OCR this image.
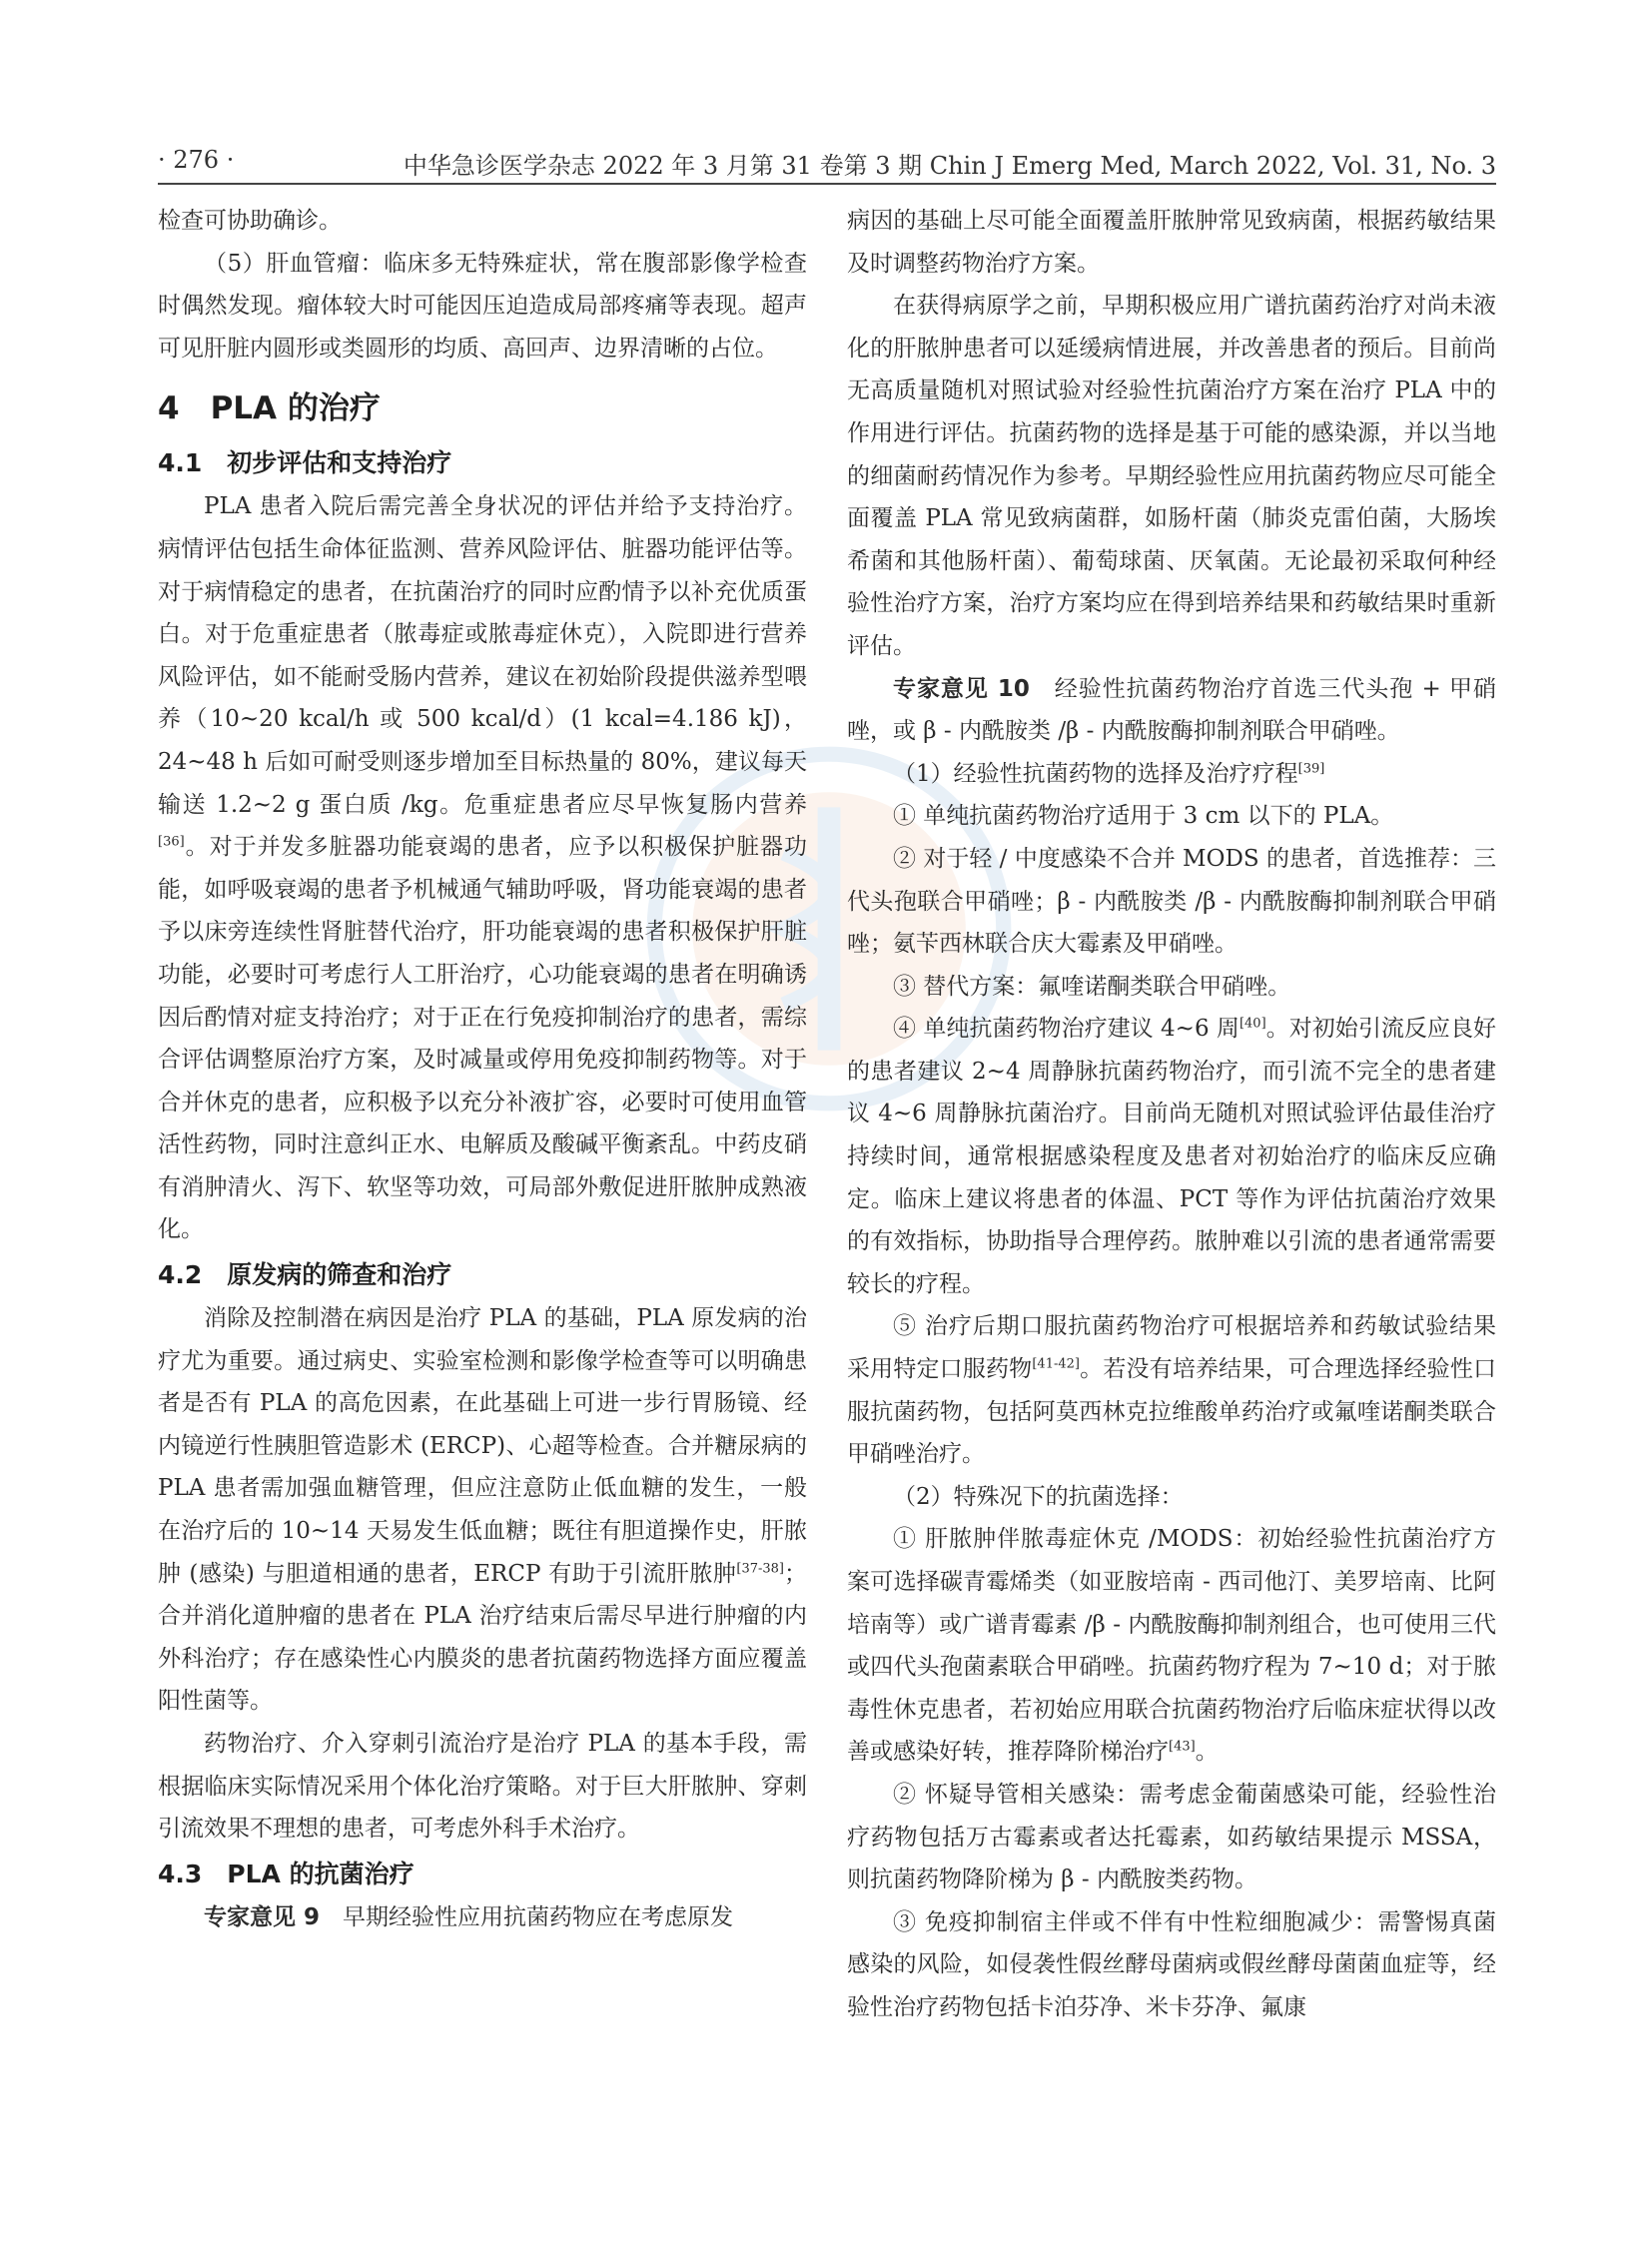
· 276 ·	中华急诊医学杂志 2022 年 3 月第 31 卷第 3 期 Chin J Emerg Med, March 2022, Vol. 31, No. 3

检查可协助确诊。

（5）肝血管瘤：临床多无特殊症状，常在腹部影像学检查时偶然发现。瘤体较大时可能因压迫造成局部疼痛等表现。超声可见肝脏内圆形或类圆形的均质、高回声、边界清晰的占位。

4　PLA 的治疗
4.1　初步评估和支持治疗

PLA 患者入院后需完善全身状况的评估并给予支持治疗。病情评估包括生命体征监测、营养风险评估、脏器功能评估等。对于病情稳定的患者，在抗菌治疗的同时应酌情予以补充优质蛋白。对于危重症患者（脓毒症或脓毒症休克），入院即进行营养风险评估，如不能耐受肠内营养，建议在初始阶段提供滋养型喂养（10~20 kcal/h 或 500 kcal/d）(1 kcal=4.186 kJ)，24~48 h 后如可耐受则逐步增加至目标热量的 80%，建议每天输送 1.2~2 g 蛋白质 /kg。危重症患者应尽早恢复肠内营养[36]。对于并发多脏器功能衰竭的患者，应予以积极保护脏器功能，如呼吸衰竭的患者予机械通气辅助呼吸，肾功能衰竭的患者予以床旁连续性肾脏替代治疗，肝功能衰竭的患者积极保护肝脏功能，必要时可考虑行人工肝治疗，心功能衰竭的患者在明确诱因后酌情对症支持治疗；对于正在行免疫抑制治疗的患者，需综合评估调整原治疗方案，及时减量或停用免疫抑制药物等。对于合并休克的患者，应积极予以充分补液扩容，必要时可使用血管活性药物，同时注意纠正水、电解质及酸碱平衡紊乱。中药皮硝有消肿清火、泻下、软坚等功效，可局部外敷促进肝脓肿成熟液化。

4.2　原发病的筛查和治疗

消除及控制潜在病因是治疗 PLA 的基础，PLA 原发病的治疗尤为重要。通过病史、实验室检测和影像学检查等可以明确患者是否有 PLA 的高危因素，在此基础上可进一步行胃肠镜、经内镜逆行性胰胆管造影术 (ERCP)、心超等检查。合并糖尿病的 PLA 患者需加强血糖管理，但应注意防止低血糖的发生，一般在治疗后的 10~14 天易发生低血糖；既往有胆道操作史，肝脓肿 (感染) 与胆道相通的患者，ERCP 有助于引流肝脓肿[37-38]；合并消化道肿瘤的患者在 PLA 治疗结束后需尽早进行肿瘤的内外科治疗；存在感染性心内膜炎的患者抗菌药物选择方面应覆盖阳性菌等。

药物治疗、介入穿刺引流治疗是治疗 PLA 的基本手段，需根据临床实际情况采用个体化治疗策略。对于巨大肝脓肿、穿刺引流效果不理想的患者，可考虑外科手术治疗。

4.3　PLA 的抗菌治疗

专家意见 9　早期经验性应用抗菌药物应在考虑原发

病因的基础上尽可能全面覆盖肝脓肿常见致病菌，根据药敏结果及时调整药物治疗方案。

在获得病原学之前，早期积极应用广谱抗菌药治疗对尚未液化的肝脓肿患者可以延缓病情进展，并改善患者的预后。目前尚无高质量随机对照试验对经验性抗菌治疗方案在治疗 PLA 中的作用进行评估。抗菌药物的选择是基于可能的感染源，并以当地的细菌耐药情况作为参考。早期经验性应用抗菌药物应尽可能全面覆盖 PLA 常见致病菌群，如肠杆菌（肺炎克雷伯菌，大肠埃希菌和其他肠杆菌）、葡萄球菌、厌氧菌。无论最初采取何种经验性治疗方案，治疗方案均应在得到培养结果和药敏结果时重新评估。

专家意见 10　经验性抗菌药物治疗首选三代头孢 + 甲硝唑，或 β - 内酰胺类 /β - 内酰胺酶抑制剂联合甲硝唑。

（1）经验性抗菌药物的选择及治疗疗程[39]

① 单纯抗菌药物治疗适用于 3 cm 以下的 PLA。

② 对于轻 / 中度感染不合并 MODS 的患者，首选推荐：三代头孢联合甲硝唑；β - 内酰胺类 /β - 内酰胺酶抑制剂联合甲硝唑；氨苄西林联合庆大霉素及甲硝唑。

③ 替代方案：氟喹诺酮类联合甲硝唑。

④ 单纯抗菌药物治疗建议 4~6 周[40]。对初始引流反应良好的患者建议 2~4 周静脉抗菌药物治疗，而引流不完全的患者建议 4~6 周静脉抗菌治疗。目前尚无随机对照试验评估最佳治疗持续时间，通常根据感染程度及患者对初始治疗的临床反应确定。临床上建议将患者的体温、PCT 等作为评估抗菌治疗效果的有效指标，协助指导合理停药。脓肿难以引流的患者通常需要较长的疗程。

⑤ 治疗后期口服抗菌药物治疗可根据培养和药敏试验结果采用特定口服药物[41-42]。若没有培养结果，可合理选择经验性口服抗菌药物，包括阿莫西林克拉维酸单药治疗或氟喹诺酮类联合甲硝唑治疗。

（2）特殊况下的抗菌选择：

① 肝脓肿伴脓毒症休克 /MODS：初始经验性抗菌治疗方案可选择碳青霉烯类（如亚胺培南 - 西司他汀、美罗培南、比阿培南等）或广谱青霉素 /β - 内酰胺酶抑制剂组合，也可使用三代或四代头孢菌素联合甲硝唑。抗菌药物疗程为 7~10 d；对于脓毒性休克患者，若初始应用联合抗菌药物治疗后临床症状得以改善或感染好转，推荐降阶梯治疗[43]。

② 怀疑导管相关感染：需考虑金葡菌感染可能，经验性治疗药物包括万古霉素或者达托霉素，如药敏结果提示 MSSA，则抗菌药物降阶梯为 β - 内酰胺类药物。

③ 免疫抑制宿主伴或不伴有中性粒细胞减少：需警惕真菌感染的风险，如侵袭性假丝酵母菌病或假丝酵母菌菌血症等，经验性治疗药物包括卡泊芬净、米卡芬净、氟康
